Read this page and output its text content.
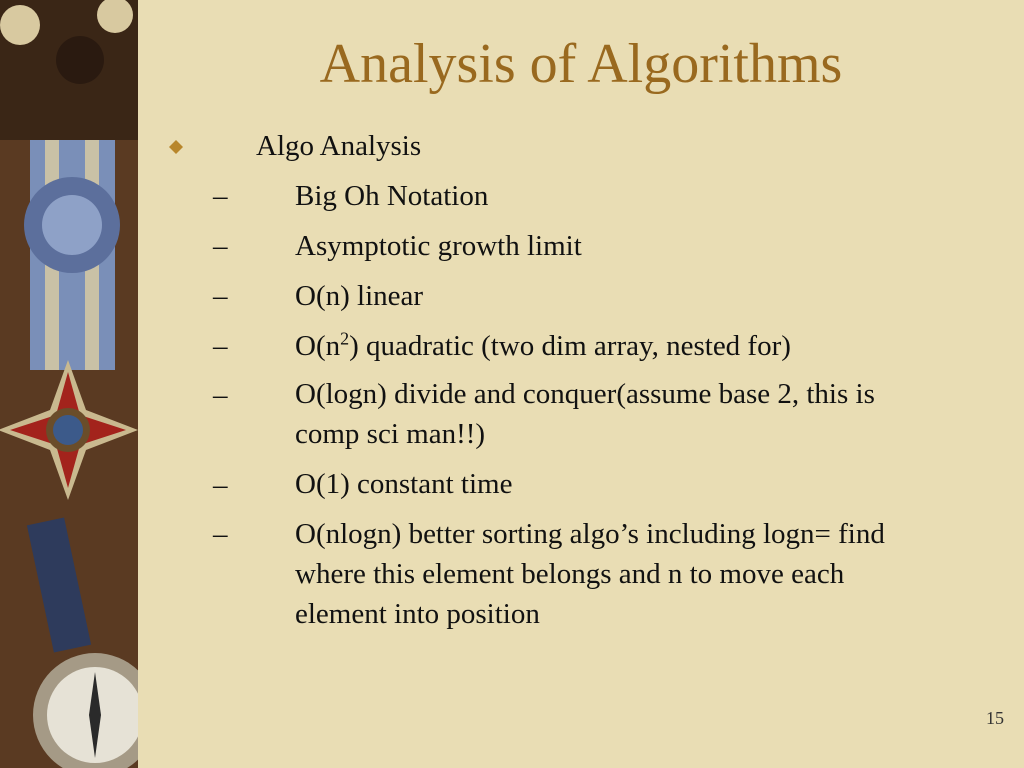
Analysis of Algorithms
Algo Analysis
– Big Oh Notation
– Asymptotic growth limit
– O(n) linear
– $O(n^2)$ quadratic (two dim array, nested for)
– O(logn) divide and conquer(assume base 2, this is
comp sci man!!)
– O(1) constant time
– O(nlogn) better sorting algo’s including logn= find
where this element belongs and n to move each
element into position
15
